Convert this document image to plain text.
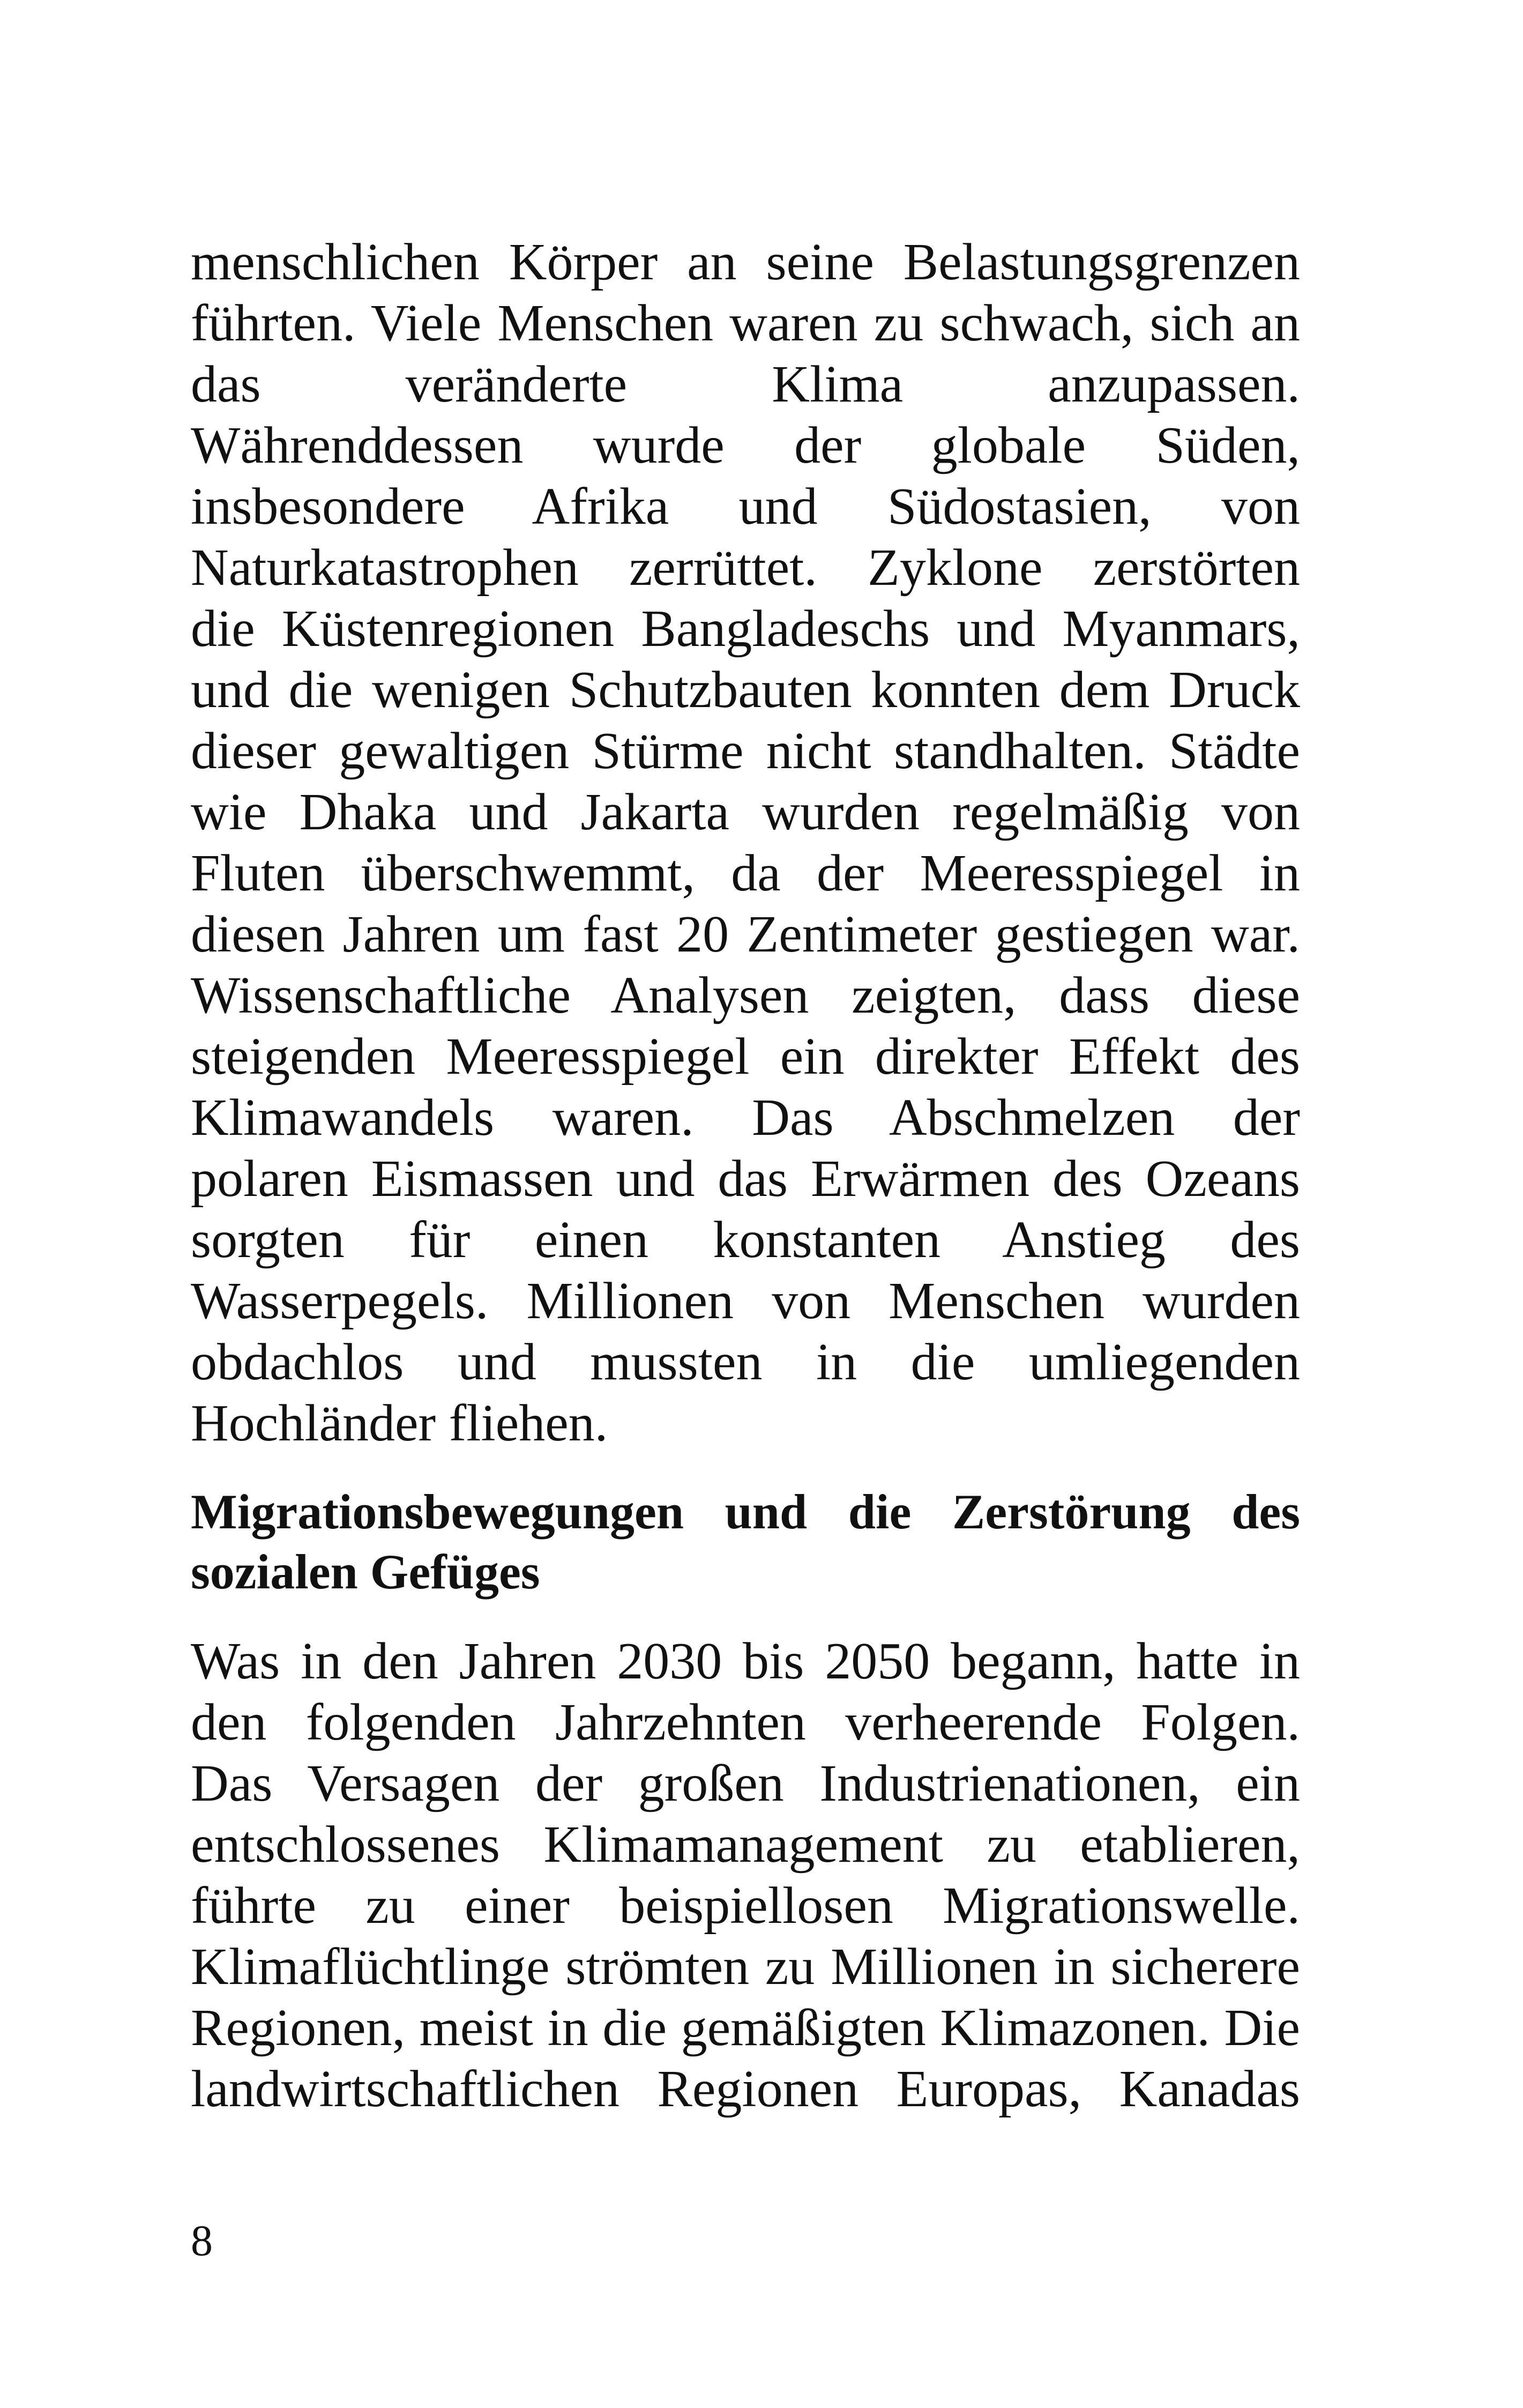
menschlichen Körper an seine Belastungsgrenzen
führten. Viele Menschen waren zu schwach, sich an
das veränderte Klima anzupassen.
Währenddessen wurde der globale Süden,
insbesondere Afrika und Südostasien, von
Naturkatastrophen zerrüttet. Zyklone zerstörten
die Küstenregionen Bangladeschs und Myanmars,
und die wenigen Schutzbauten konnten dem Druck
dieser gewaltigen Stürme nicht standhalten. Städte
wie Dhaka und Jakarta wurden regelmäßig von
Fluten überschwemmt, da der Meeresspiegel in
diesen Jahren um fast 20 Zentimeter gestiegen war.
Wissenschaftliche Analysen zeigten, dass diese
steigenden Meeresspiegel ein direkter Effekt des
Klimawandels waren. Das Abschmelzen der
polaren Eismassen und das Erwärmen des Ozeans
sorgten für einen konstanten Anstieg des
Wasserpegels. Millionen von Menschen wurden
obdachlos und mussten in die umliegenden
Hochländer fliehen.

Migrationsbewegungen und die Zerstörung des
sozialen Gefüges

Was in den Jahren 2030 bis 2050 begann, hatte in
den folgenden Jahrzehnten verheerende Folgen.
Das Versagen der großen Industrienationen, ein
entschlossenes Klimamanagement zu etablieren,
führte zu einer beispiellosen Migrationswelle.
Klimaflüchtlinge strömten zu Millionen in sicherere
Regionen, meist in die gemäßigten Klimazonen. Die
landwirtschaftlichen Regionen Europas, Kanadas

8
